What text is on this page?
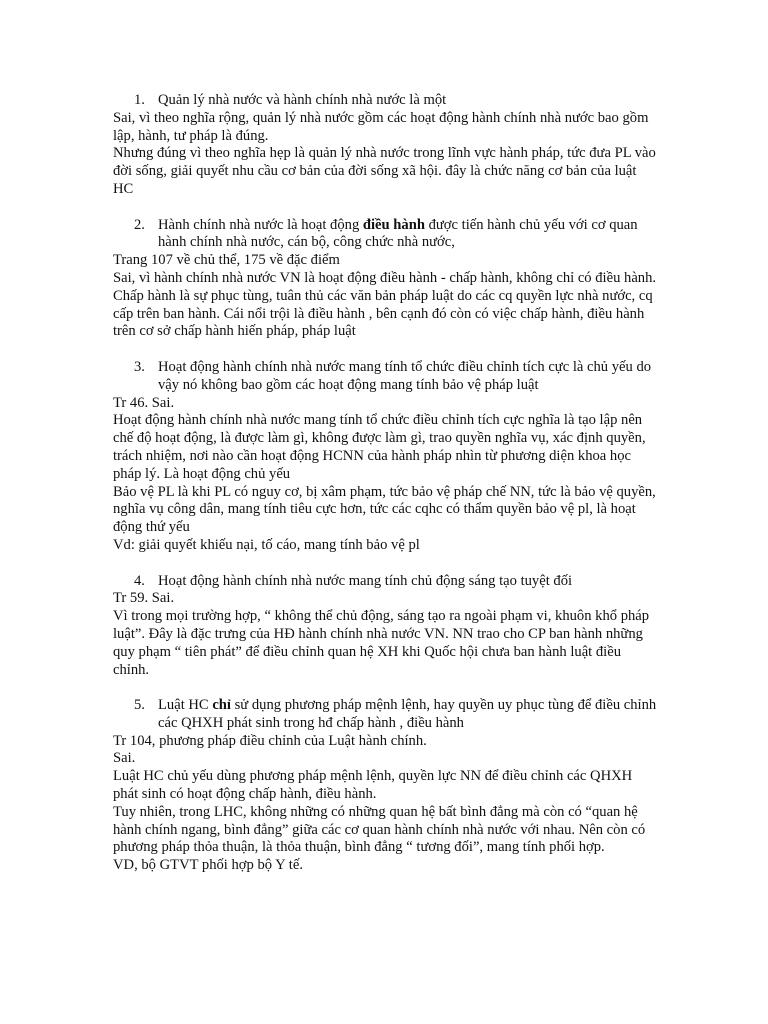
1. Quản lý nhà nước và hành chính nhà nước là một

Sai, vì theo nghĩa rộng, quản lý nhà nước gồm các hoạt động hành chính nhà nước bao gồm lập, hành, tư pháp là đúng.

Nhưng đúng vì theo nghĩa hẹp là quản lý nhà nước trong lĩnh vực hành pháp, tức đưa PL vào đời sống, giải quyết nhu cầu cơ bản của đời sống xã hội. đây là chức năng cơ bản của luật HC

2. Hành chính nhà nước là hoạt động điều hành được tiến hành chủ yếu với cơ quan hành chính nhà nước, cán bộ, công chức nhà nước,

Trang 107 về chủ thể, 175 về đặc điểm

Sai, vì hành chính nhà nước VN là hoạt động điều hành - chấp hành, không chỉ có điều hành.

Chấp hành là sự phục tùng, tuân thủ các văn bản pháp luật do các cq quyền lực nhà nước, cq cấp trên ban hành. Cái nổi trội là điều hành , bên cạnh đó còn có việc chấp hành, điều hành trên cơ sở chấp hành hiến pháp, pháp luật

3. Hoạt động hành chính nhà nước mang tính tổ chức điều chỉnh tích cực là chủ yếu do vậy nó không bao gồm các hoạt động mang tính bảo vệ pháp luật

Tr 46. Sai.

Hoạt động hành chính nhà nước mang tính tổ chức điều chỉnh tích cực nghĩa là tạo lập nên chế độ hoạt động, là được làm gì, không được làm gì, trao quyền nghĩa vụ, xác định quyền, trách nhiệm, nơi nào cần hoạt động HCNN của hành pháp nhìn từ phương diện khoa học pháp lý. Là hoạt động chủ yếu

Bảo vệ PL là khi PL có nguy cơ, bị xâm phạm, tức bảo vệ pháp chế NN, tức là bảo vệ quyền, nghĩa vụ công dân, mang tính tiêu cực hơn, tức các cqhc có thẩm quyền bảo vệ pl, là hoạt động thứ yếu

Vd: giải quyết khiếu nại, tố cáo, mang tính bảo vệ pl

4. Hoạt động hành chính nhà nước mang tính chủ động sáng tạo tuyệt đối

Tr 59. Sai.

Vì trong mọi trường hợp, “ không thể chủ động, sáng tạo ra ngoài phạm vi, khuôn khổ pháp luật”. Đây là đặc trưng của HĐ hành chính nhà nước VN. NN trao cho CP ban hành những quy phạm “ tiên phát” để điều chỉnh quan hệ XH khi Quốc hội chưa ban hành luật điều chỉnh.

5. Luật HC chỉ sử dụng phương pháp mệnh lệnh, hay quyền uy phục tùng để điều chỉnh các QHXH phát sinh trong hđ chấp hành , điều hành

Tr 104, phương pháp điều chỉnh của Luật hành chính.

Sai.

Luật HC chủ yếu dùng phương pháp mệnh lệnh, quyền lực NN để điều chỉnh các QHXH phát sinh có hoạt động chấp hành, điều hành.

Tuy nhiên, trong LHC, không những có những quan hệ bất bình đẳng mà còn có “quan hệ hành chính ngang, bình đẳng” giữa các cơ quan hành chính nhà nước với nhau. Nên còn có phương pháp thỏa thuận, là thỏa thuận, bình đẳng “ tương đối”, mang tính phối hợp.

VD, bộ GTVT phối hợp bộ Y tế.
